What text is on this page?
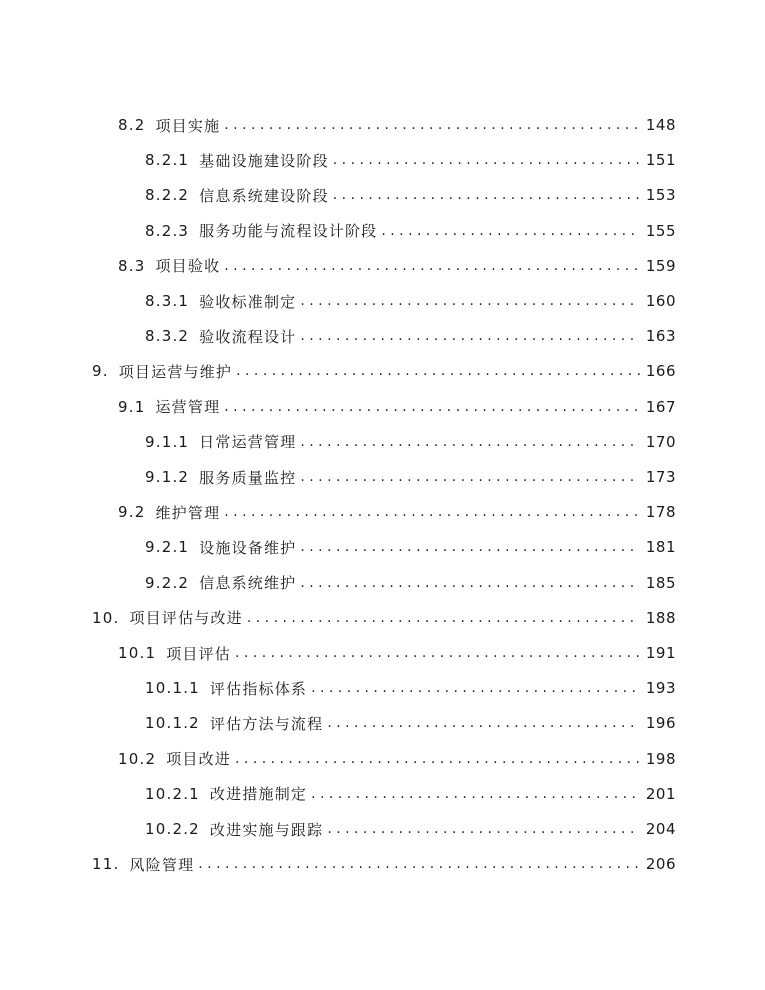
8.2 项目实施 . . .	148
8.2.1 基础设施建设阶段 . . .	151
8.2.2 信息系统建设阶段 . . .	153
8.2.3 服务功能与流程设计阶段 . . .	155
8.3 项目验收 . . .	159
8.3.1 验收标准制定 . . .	160
8.3.2 验收流程设计 . . .	163
9. 项目运营与维护 . . .	166
9.1 运营管理 . . .	167
9.1.1 日常运营管理 . . .	170
9.1.2 服务质量监控 . . .	173
9.2 维护管理 . . .	178
9.2.1 设施设备维护 . . .	181
9.2.2 信息系统维护 . . .	185
10. 项目评估与改进 . . .	188
10.1 项目评估 . . .	191
10.1.1 评估指标体系 . . .	193
10.1.2 评估方法与流程 . . .	196
10.2 项目改进 . . .	198
10.2.1 改进措施制定 . . .	201
10.2.2 改进实施与跟踪 . . .	204
11. 风险管理 . . .	206
